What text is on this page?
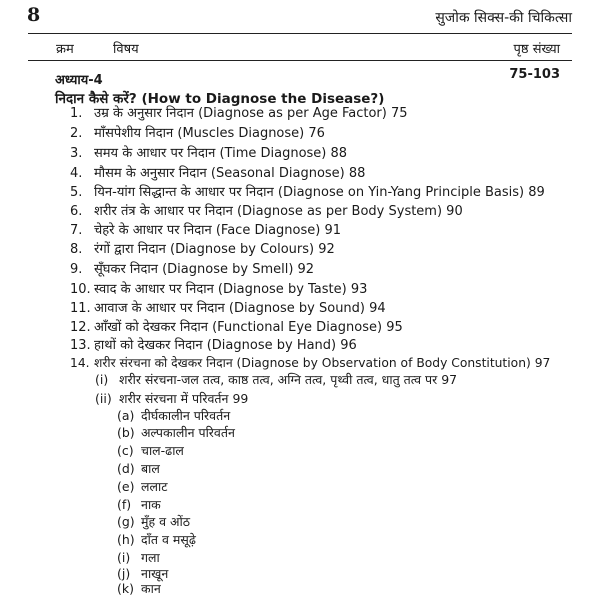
8	सुजोक सिक्स-की चिकित्सा
क्रम	विषय	पृष्ठ संख्या
अध्याय-4	75-103
निदान कैसे करें? (How to Diagnose the Disease?)
1. उम्र के अनुसार निदान (Diagnose as per Age Factor) 75
2. माँसपेशीय निदान (Muscles Diagnose) 76
3. समय के आधार पर निदान (Time Diagnose) 88
4. मौसम के अनुसार निदान (Seasonal Diagnose) 88
5. यिन-यांग सिद्धान्त के आधार पर निदान (Diagnose on Yin-Yang Principle Basis) 89
6. शरीर तंत्र के आधार पर निदान (Diagnose as per Body System) 90
7. चेहरे के आधार पर निदान (Face Diagnose) 91
8. रंगों द्वारा निदान (Diagnose by Colours) 92
9. सूँघकर निदान (Diagnose by Smell) 92
10. स्वाद के आधार पर निदान (Diagnose by Taste) 93
11. आवाज के आधार पर निदान (Diagnose by Sound) 94
12. आँखों को देखकर निदान (Functional Eye Diagnose) 95
13. हाथों को देखकर निदान (Diagnose by Hand) 96
14. शरीर संरचना को देखकर निदान (Diagnose by Observation of Body Constitution) 97
(i) शरीर संरचना-जल तत्व, काष्ठ तत्व, अग्नि तत्व, पृथ्वी तत्व, धातु तत्व पर 97
(ii) शरीर संरचना में परिवर्तन 99
(a) दीर्घकालीन परिवर्तन
(b) अल्पकालीन परिवर्तन
(c) चाल-ढाल
(d) बाल
(e) ललाट
(f) नाक
(g) मुँह व ओंठ
(h) दाँत व मसूढ़े
(i) गला
(j) नाखून
(k) कान
